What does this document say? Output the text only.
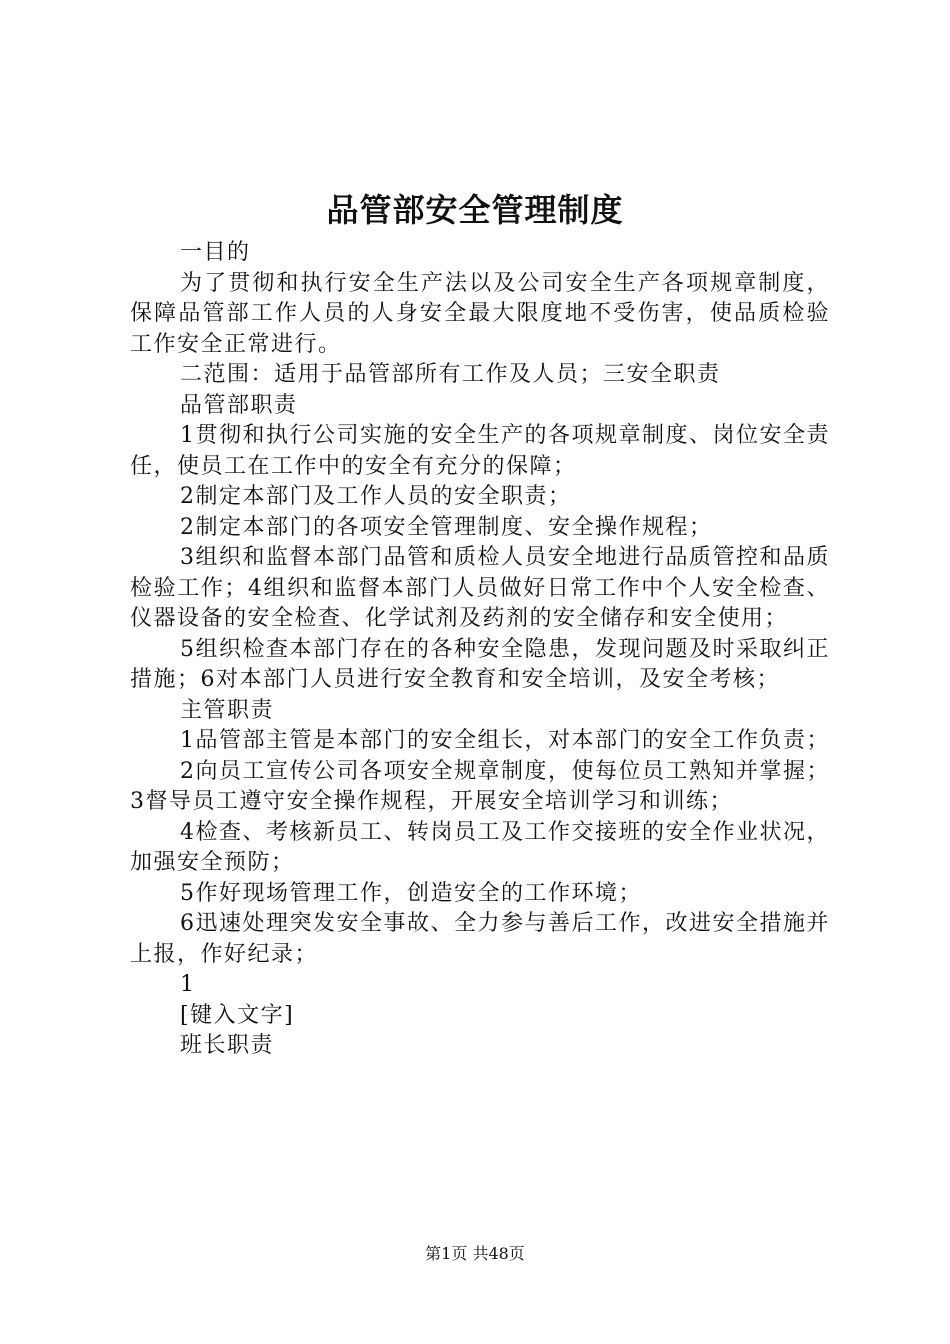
品管部安全管理制度

一目的

为了贯彻和执行安全生产法以及公司安全生产各项规章制度，保障品管部工作人员的人身安全最大限度地不受伤害，使品质检验工作安全正常进行。

二范围：适用于品管部所有工作及人员；三安全职责

品管部职责

1贯彻和执行公司实施的安全生产的各项规章制度、岗位安全责任，使员工在工作中的安全有充分的保障；

2制定本部门及工作人员的安全职责；

2制定本部门的各项安全管理制度、安全操作规程；

3组织和监督本部门品管和质检人员安全地进行品质管控和品质检验工作；4组织和监督本部门人员做好日常工作中个人安全检查、仪器设备的安全检查、化学试剂及药剂的安全储存和安全使用；

5组织检查本部门存在的各种安全隐患，发现问题及时采取纠正措施；6对本部门人员进行安全教育和安全培训，及安全考核；

主管职责

1品管部主管是本部门的安全组长，对本部门的安全工作负责；

2向员工宣传公司各项安全规章制度，使每位员工熟知并掌握；3督导员工遵守安全操作规程，开展安全培训学习和训练；

4检查、考核新员工、转岗员工及工作交接班的安全作业状况，加强安全预防；

5作好现场管理工作，创造安全的工作环境；

6迅速处理突发安全事故、全力参与善后工作，改进安全措施并上报，作好纪录；

1

[键入文字]

班长职责

第1页 共48页
